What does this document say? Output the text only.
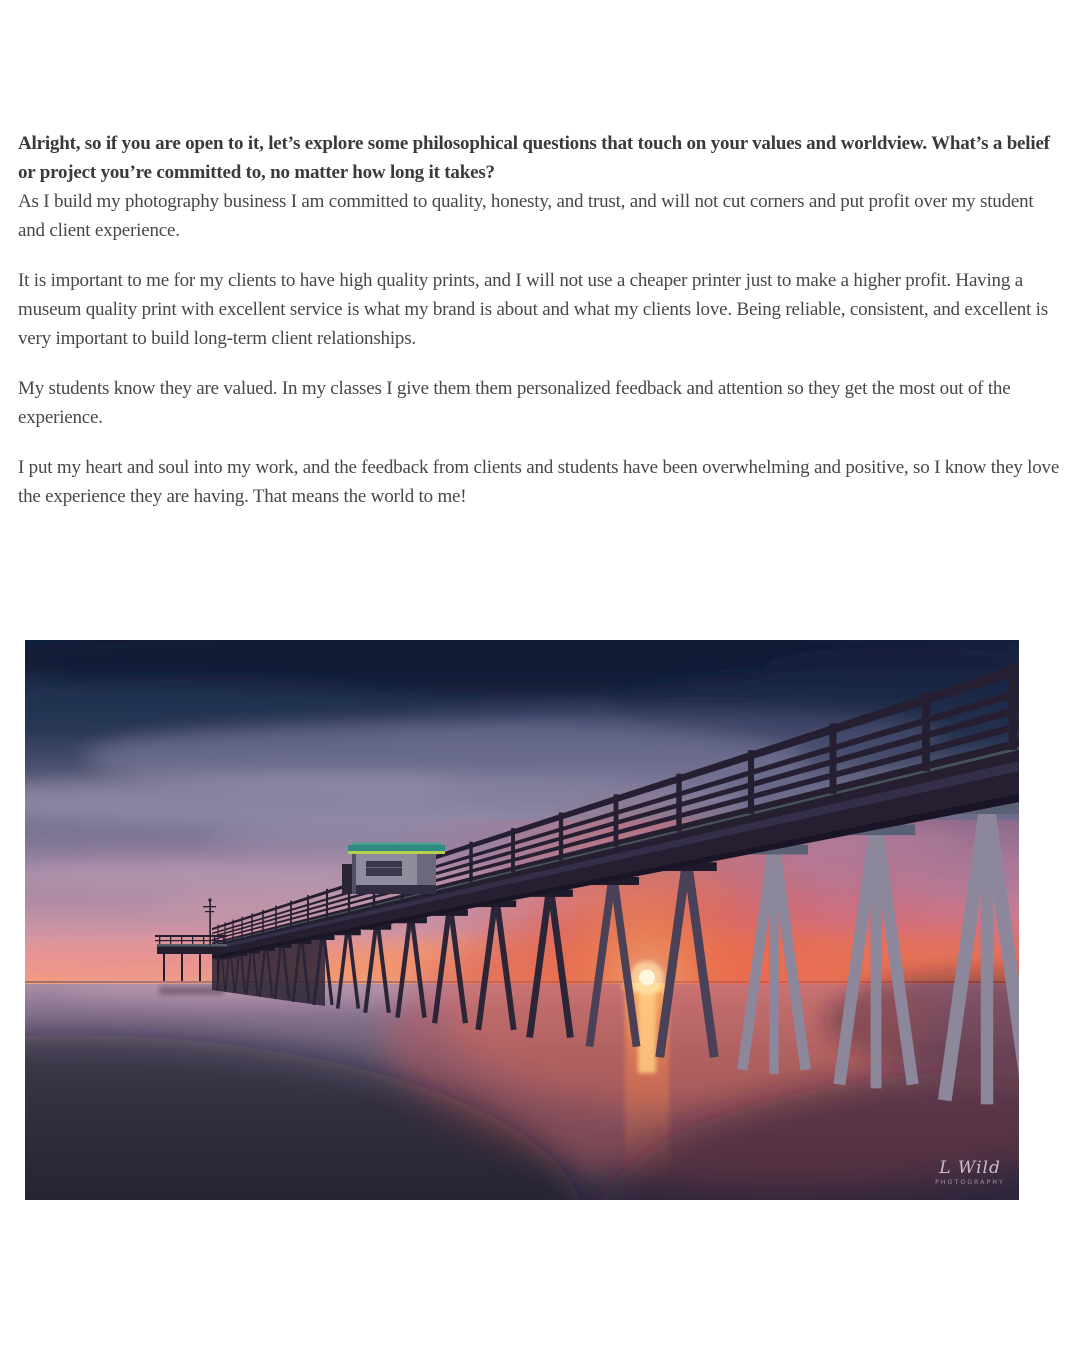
Alright, so if you are open to it, let’s explore some philosophical questions that touch on your values and worldview. What’s a belief or project you’re committed to, no matter how long it takes?
As I build my photography business I am committed to quality, honesty, and trust, and will not cut corners and put profit over my student and client experience.

It is important to me for my clients to have high quality prints, and I will not use a cheaper printer just to make a higher profit. Having a museum quality print with excellent service is what my brand is about and what my clients love. Being reliable, consistent, and excellent is very important to build long-term client relationships.

My students know they are valued. In my classes I give them them personalized feedback and attention so they get the most out of the experience.

I put my heart and soul into my work, and the feedback from clients and students have been overwhelming and positive, so I know they love the experience they are having. That means the world to me!

L Wild
PHOTOGRAPHY
